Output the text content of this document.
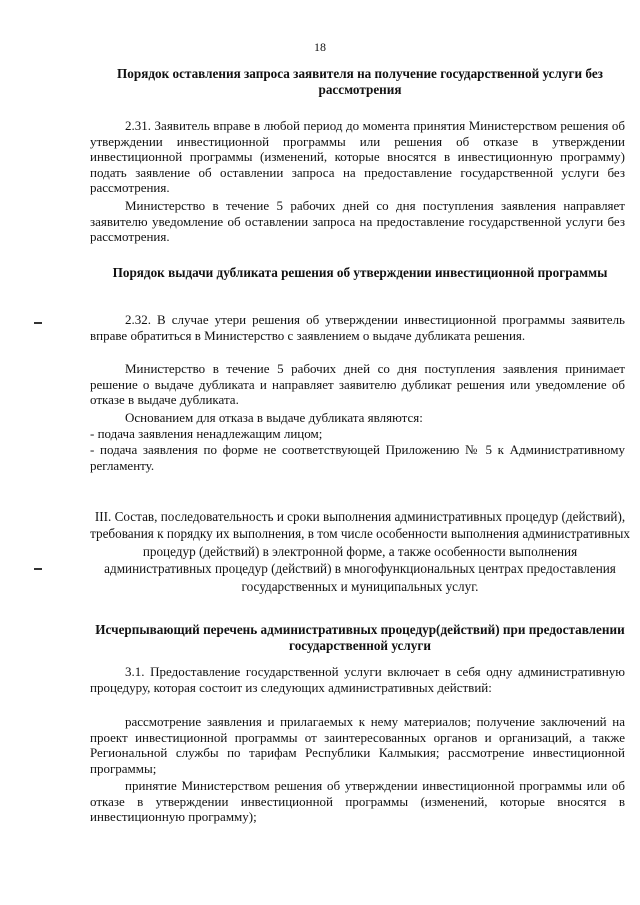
18
Порядок оставления запроса заявителя на получение государственной услуги без рассмотрения
2.31. Заявитель вправе в любой период до момента принятия Министерством решения об утверждении инвестиционной программы или решения об отказе в утверждении инвестиционной программы (изменений, которые вносятся в инвестиционную программу) подать заявление об оставлении запроса на предоставление государственной услуги без рассмотрения.
Министерство в течение 5 рабочих дней со дня поступления заявления направляет заявителю уведомление об оставлении запроса на предоставление государственной услуги без рассмотрения.
Порядок выдачи дубликата решения об утверждении инвестиционной программы
2.32. В случае утери решения об утверждении инвестиционной программы заявитель вправе обратиться в Министерство с заявлением о выдаче дубликата решения.
Министерство в течение 5 рабочих дней со дня поступления заявления принимает решение о выдаче дубликата и направляет заявителю дубликат решения или уведомление об отказе в выдаче дубликата.
Основанием для отказа в выдаче дубликата являются:
- подача заявления ненадлежащим лицом;
- подача заявления по форме не соответствующей Приложению № 5 к Административному регламенту.
III. Состав, последовательность и сроки выполнения административных процедур (действий), требования к порядку их выполнения, в том числе особенности выполнения административных процедур (действий) в электронной форме, а также особенности выполнения административных процедур (действий) в многофункциональных центрах предоставления государственных и муниципальных услуг.
Исчерпывающий перечень административных процедур(действий) при предоставлении государственной услуги
3.1. Предоставление государственной услуги включает в себя одну административную процедуру, которая состоит из следующих административных действий:
рассмотрение заявления и прилагаемых к нему материалов; получение заключений на проект инвестиционной программы от заинтересованных органов и организаций, а также Региональной службы по тарифам Республики Калмыкия; рассмотрение инвестиционной программы;
принятие Министерством решения об утверждении инвестиционной программы или об отказе в утверждении инвестиционной программы (изменений, которые вносятся в инвестиционную программу);
